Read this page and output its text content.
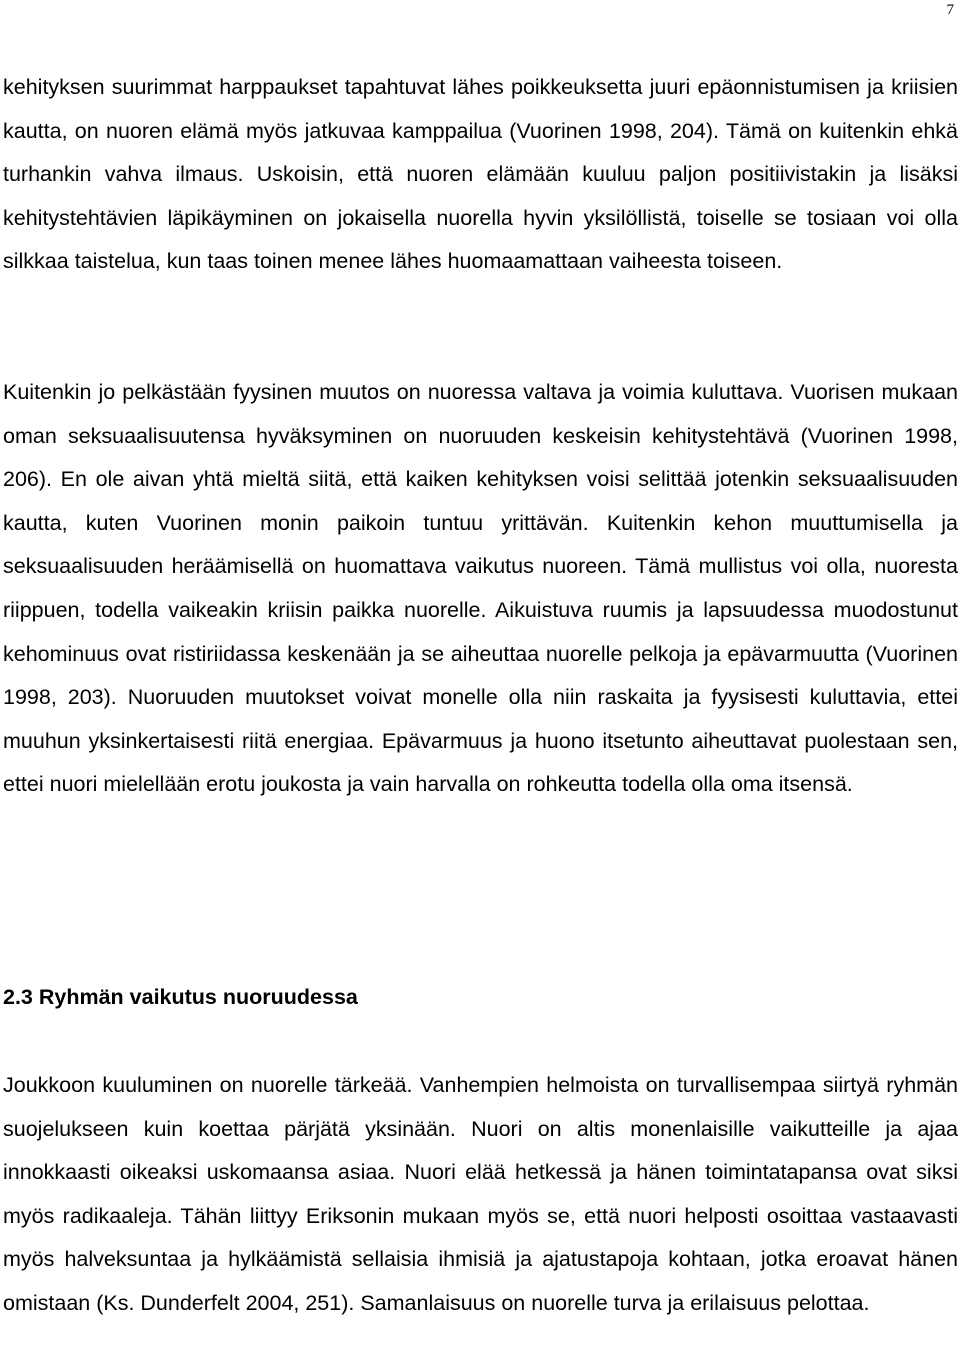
7

kehityksen suurimmat harppaukset tapahtuvat lähes poikkeuksetta juuri epäonnistumisen ja kriisien kautta, on nuoren elämä myös jatkuvaa kamppailua (Vuorinen 1998, 204). Tämä on kuitenkin ehkä turhankin vahva ilmaus. Uskoisin, että nuoren elämään kuuluu paljon positiivistakin ja lisäksi kehitystehtävien läpikäyminen on jokaisella nuorella hyvin yksilöllistä, toiselle se tosiaan voi olla silkkaa taistelua, kun taas toinen menee lähes huomaamattaan vaiheesta toiseen.

Kuitenkin jo pelkästään fyysinen muutos on nuoressa valtava ja voimia kuluttava. Vuorisen mukaan oman seksuaalisuutensa hyväksyminen on nuoruuden keskeisin kehitystehtävä (Vuorinen 1998, 206). En ole aivan yhtä mieltä siitä, että kaiken kehityksen voisi selittää jotenkin seksuaalisuuden kautta, kuten Vuorinen monin paikoin tuntuu yrittävän. Kuitenkin kehon muuttumisella ja seksuaalisuuden heräämisellä on huomattava vaikutus nuoreen. Tämä mullistus voi olla, nuoresta riippuen, todella vaikeakin kriisin paikka nuorelle. Aikuistuva ruumis ja lapsuudessa muodostunut kehominuus ovat ristiriidassa keskenään ja se aiheuttaa nuorelle pelkoja ja epävarmuutta (Vuorinen 1998, 203). Nuoruuden muutokset voivat monelle olla niin raskaita ja fyysisesti kuluttavia, ettei muuhun yksinkertaisesti riitä energiaa. Epävarmuus ja huono itsetunto aiheuttavat puolestaan sen, ettei nuori mielellään erotu joukosta ja vain harvalla on rohkeutta todella olla oma itsensä.

2.3 Ryhmän vaikutus nuoruudessa

Joukkoon kuuluminen on nuorelle tärkeää. Vanhempien helmoista on turvallisempaa siirtyä ryhmän suojelukseen kuin koettaa pärjätä yksinään. Nuori on altis monenlaisille vaikutteille ja ajaa innokkaasti oikeaksi uskomaansa asiaa. Nuori elää hetkessä ja hänen toimintatapansa ovat siksi myös radikaaleja. Tähän liittyy Eriksonin mukaan myös se, että nuori helposti osoittaa vastaavasti myös halveksuntaa ja hylkäämistä sellaisia ihmisiä ja ajatustapoja kohtaan, jotka eroavat hänen omistaan (Ks. Dunderfelt 2004, 251). Samanlaisuus on nuorelle turva ja erilaisuus pelottaa.
